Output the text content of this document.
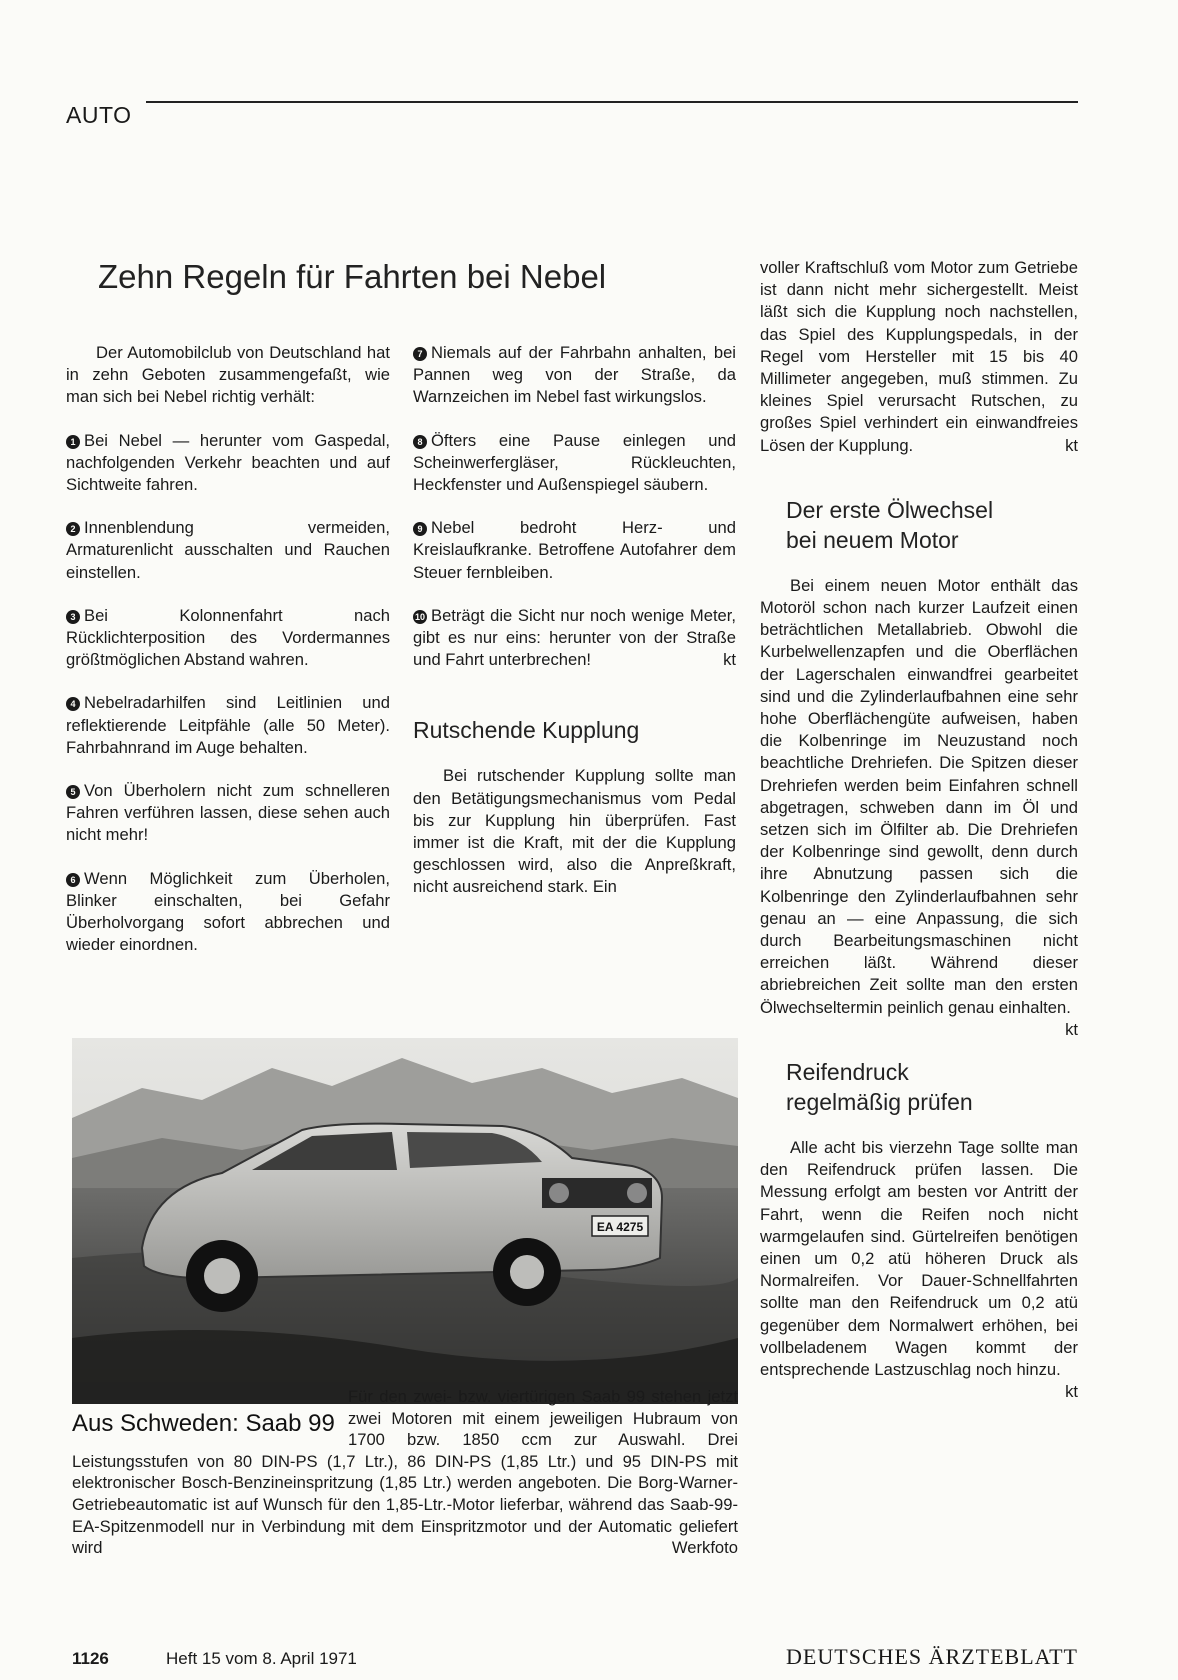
AUTO
Zehn Regeln für Fahrten bei Nebel

Der Automobilclub von Deutschland hat in zehn Geboten zusammengefaßt, wie man sich bei Nebel richtig verhält:

1 Bei Nebel — herunter vom Gaspedal, nachfolgenden Verkehr beachten und auf Sichtweite fahren.

2 Innenblendung vermeiden, Armaturenlicht ausschalten und Rauchen einstellen.

3 Bei Kolonnenfahrt nach Rücklichterposition des Vordermannes größtmöglichen Abstand wahren.

4 Nebelradarhilfen sind Leitlinien und reflektierende Leitpfähle (alle 50 Meter). Fahrbahnrand im Auge behalten.

5 Von Überholern nicht zum schnelleren Fahren verführen lassen, diese sehen auch nicht mehr!

6 Wenn Möglichkeit zum Überholen, Blinker einschalten, bei Gefahr Überholvorgang sofort abbrechen und wieder einordnen.

7 Niemals auf der Fahrbahn anhalten, bei Pannen weg von der Straße, da Warnzeichen im Nebel fast wirkungslos.

8 Öfters eine Pause einlegen und Scheinwerfergläser, Rückleuchten, Heckfenster und Außenspiegel säubern.

9 Nebel bedroht Herz- und Kreislaufkranke. Betroffene Autofahrer dem Steuer fernbleiben.

10 Beträgt die Sicht nur noch wenige Meter, gibt es nur eins: herunter von der Straße und Fahrt unterbrechen!	kt

Rutschende Kupplung

Bei rutschender Kupplung sollte man den Betätigungsmechanismus vom Pedal bis zur Kupplung hin überprüfen. Fast immer ist die Kraft, mit der die Kupplung geschlossen wird, also die Anpreßkraft, nicht ausreichend stark. Ein

voller Kraftschluß vom Motor zum Getriebe ist dann nicht mehr sichergestellt. Meist läßt sich die Kupplung noch nachstellen, das Spiel des Kupplungspedals, in der Regel vom Hersteller mit 15 bis 40 Millimeter angegeben, muß stimmen. Zu kleines Spiel verursacht Rutschen, zu großes Spiel verhindert ein einwandfreies Lösen der Kupplung.	kt

Der erste Ölwechsel
bei neuem Motor

Bei einem neuen Motor enthält das Motoröl schon nach kurzer Laufzeit einen beträchtlichen Metallabrieb. Obwohl die Kurbelwellenzapfen und die Oberflächen der Lagerschalen einwandfrei gearbeitet sind und die Zylinderlaufbahnen eine sehr hohe Oberflächengüte aufweisen, haben die Kolbenringe im Neuzustand noch beachtliche Drehriefen. Die Spitzen dieser Drehriefen werden beim Einfahren schnell abgetragen, schweben dann im Öl und setzen sich im Ölfilter ab. Die Drehriefen der Kolbenringe sind gewollt, denn durch ihre Abnutzung passen sich die Kolbenringe den Zylinderlaufbahnen sehr genau an — eine Anpassung, die sich durch Bearbeitungsmaschinen nicht erreichen läßt. Während dieser abriebreichen Zeit sollte man den ersten Ölwechseltermin peinlich genau einhalten.
kt

Reifendruck
regelmäßig prüfen

Alle acht bis vierzehn Tage sollte man den Reifendruck prüfen lassen. Die Messung erfolgt am besten vor Antritt der Fahrt, wenn die Reifen noch nicht warmgelaufen sind. Gürtelreifen benötigen einen um 0,2 atü höheren Druck als Normalreifen. Vor Dauer-Schnellfahrten sollte man den Reifendruck um 0,2 atü gegenüber dem Normalwert erhöhen, bei vollbeladenem Wagen kommt der entsprechende Lastzuschlag noch hinzu.
kt

EA 4275
Aus Schweden: Saab 99
Für den zwei- bzw. viertürigen Saab 99 stehen jetzt zwei Motoren mit einem jeweiligen Hubraum von 1700 bzw. 1850 ccm zur Auswahl. Drei Leistungsstufen von 80 DIN-PS (1,7 Ltr.), 86 DIN-PS (1,85 Ltr.) und 95 DIN-PS mit elektronischer Bosch-Benzineinspritzung (1,85 Ltr.) werden angeboten. Die Borg-Warner-Getriebeautomatic ist auf Wunsch für den 1,85-Ltr.-Motor lieferbar, während das Saab-99-EA-Spitzenmodell nur in Verbindung mit dem Einspritzmotor und der Automatic geliefert wird	Werkfoto
1126	Heft 15 vom 8. April 1971	DEUTSCHES ÄRZTEBLATT
